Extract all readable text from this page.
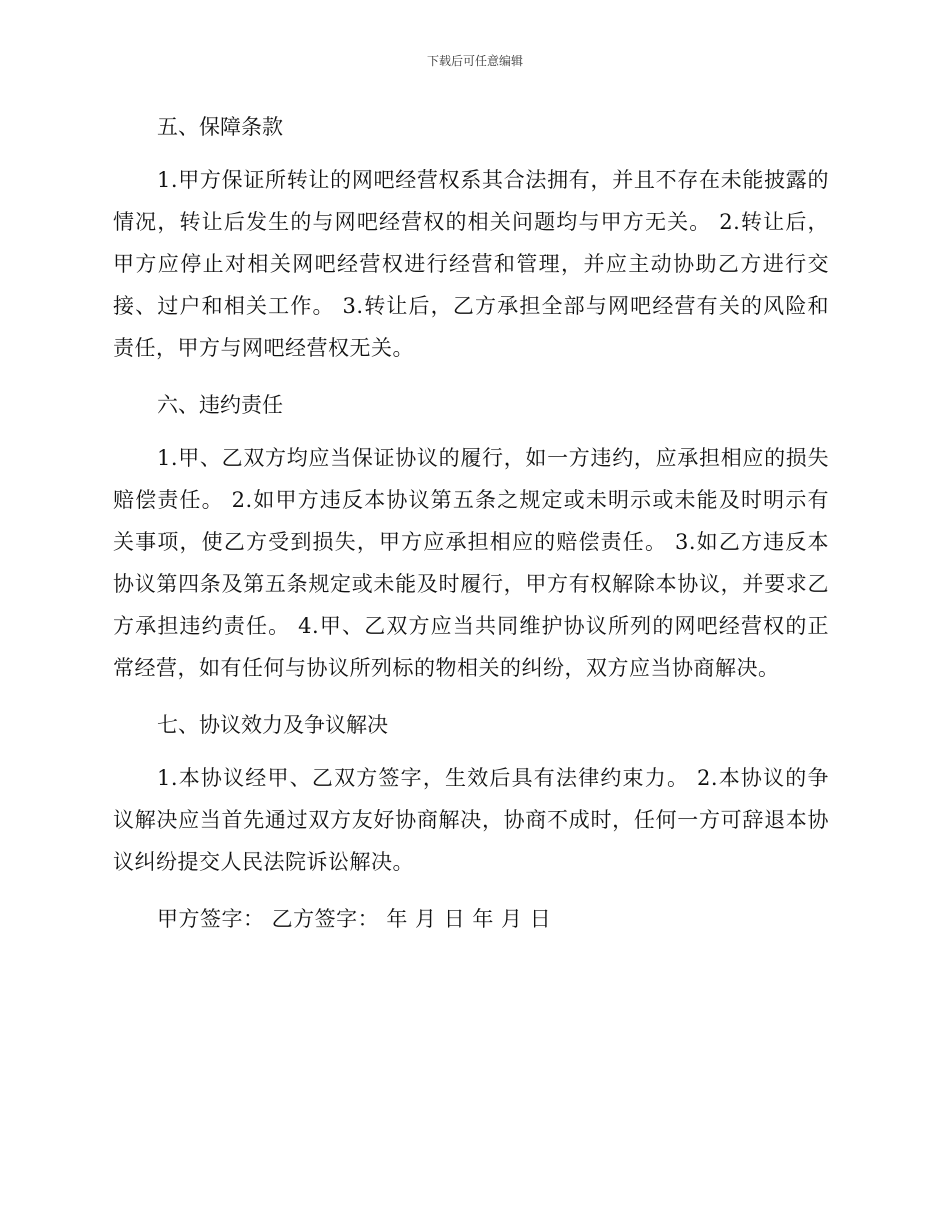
下载后可任意编辑
五、保障条款

1.甲方保证所转让的网吧经营权系其合法拥有，并且不存在未能披露的情况，转让后发生的与网吧经营权的相关问题均与甲方无关。 2.转让后，甲方应停止对相关网吧经营权进行经营和管理，并应主动协助乙方进行交接、过户和相关工作。 3.转让后，乙方承担全部与网吧经营有关的风险和责任，甲方与网吧经营权无关。

六、违约责任

1.甲、乙双方均应当保证协议的履行，如一方违约，应承担相应的损失赔偿责任。 2.如甲方违反本协议第五条之规定或未明示或未能及时明示有关事项，使乙方受到损失，甲方应承担相应的赔偿责任。 3.如乙方违反本协议第四条及第五条规定或未能及时履行，甲方有权解除本协议，并要求乙方承担违约责任。 4.甲、乙双方应当共同维护协议所列的网吧经营权的正常经营，如有任何与协议所列标的物相关的纠纷，双方应当协商解决。

七、协议效力及争议解决

1.本协议经甲、乙双方签字，生效后具有法律约束力。 2.本协议的争议解决应当首先通过双方友好协商解决，协商不成时，任何一方可辞退本协议纠纷提交人民法院诉讼解决。

甲方签字： 乙方签字： 年 月 日 年 月 日
